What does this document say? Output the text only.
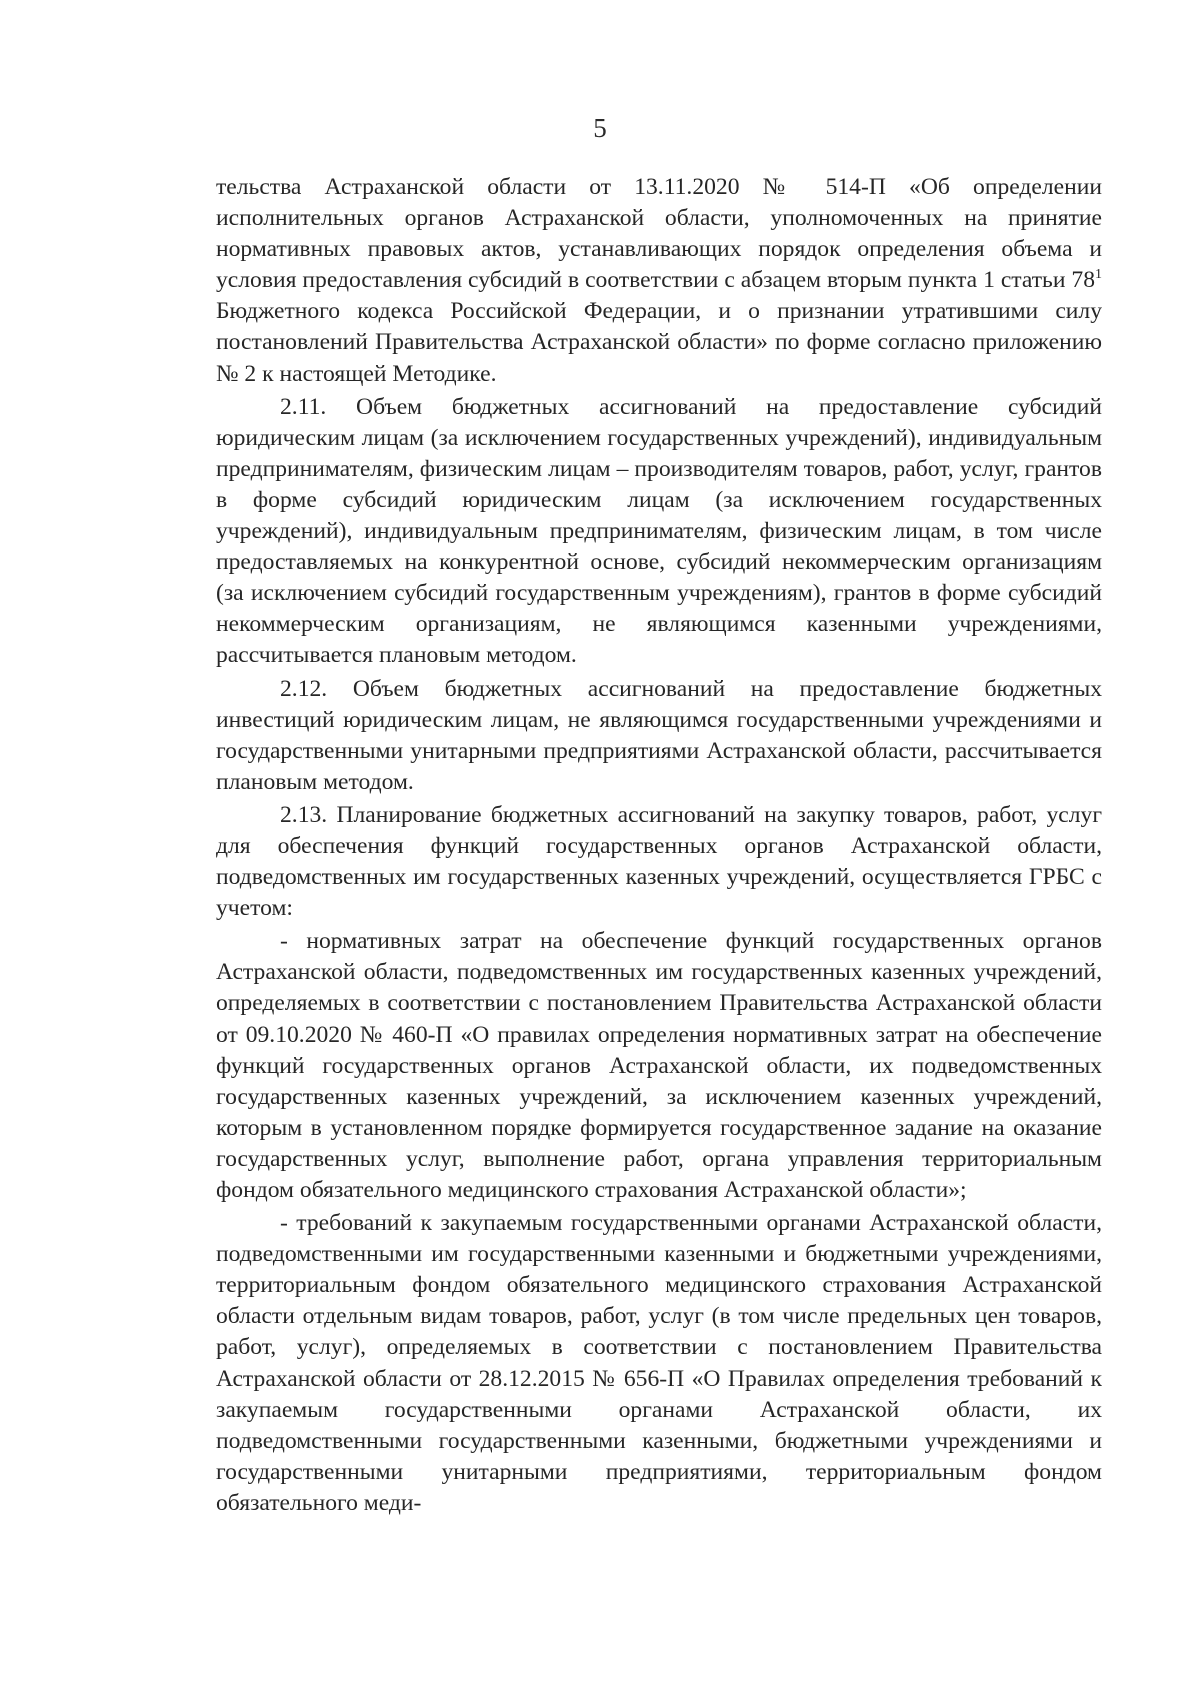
5

тельства Астраханской области от 13.11.2020 № 514-П «Об определении исполнительных органов Астраханской области, уполномоченных на принятие нормативных правовых актов, устанавливающих порядок определения объема и условия предоставления субсидий в соответствии с абзацем вторым пункта 1 статьи $78^1$ Бюджетного кодекса Российской Федерации, и о признании утратившими силу постановлений Правительства Астраханской области» по форме согласно приложению № 2 к настоящей Методике.

2.11. Объем бюджетных ассигнований на предоставление субсидий юридическим лицам (за исключением государственных учреждений), индивидуальным предпринимателям, физическим лицам – производителям товаров, работ, услуг, грантов в форме субсидий юридическим лицам (за исключением государственных учреждений), индивидуальным предпринимателям, физическим лицам, в том числе предоставляемых на конкурентной основе, субсидий некоммерческим организациям (за исключением субсидий государственным учреждениям), грантов в форме субсидий некоммерческим организациям, не являющимся казенными учреждениями, рассчитывается плановым методом.

2.12. Объем бюджетных ассигнований на предоставление бюджетных инвестиций юридическим лицам, не являющимся государственными учреждениями и государственными унитарными предприятиями Астраханской области, рассчитывается плановым методом.

2.13. Планирование бюджетных ассигнований на закупку товаров, работ, услуг для обеспечения функций государственных органов Астраханской области, подведомственных им государственных казенных учреждений, осуществляется ГРБС с учетом:

- нормативных затрат на обеспечение функций государственных органов Астраханской области, подведомственных им государственных казенных учреждений, определяемых в соответствии с постановлением Правительства Астраханской области от 09.10.2020 № 460-П «О правилах определения нормативных затрат на обеспечение функций государственных органов Астраханской области, их подведомственных государственных казенных учреждений, за исключением казенных учреждений, которым в установленном порядке формируется государственное задание на оказание государственных услуг, выполнение работ, органа управления территориальным фондом обязательного медицинского страхования Астраханской области»;

- требований к закупаемым государственными органами Астраханской области, подведомственными им государственными казенными и бюджетными учреждениями, территориальным фондом обязательного медицинского страхования Астраханской области отдельным видам товаров, работ, услуг (в том числе предельных цен товаров, работ, услуг), определяемых в соответствии с постановлением Правительства Астраханской области от 28.12.2015 № 656-П «О Правилах определения требований к закупаемым государственными органами Астраханской области, их подведомственными государственными казенными, бюджетными учреждениями и государственными унитарными предприятиями, территориальным фондом обязательного меди-
